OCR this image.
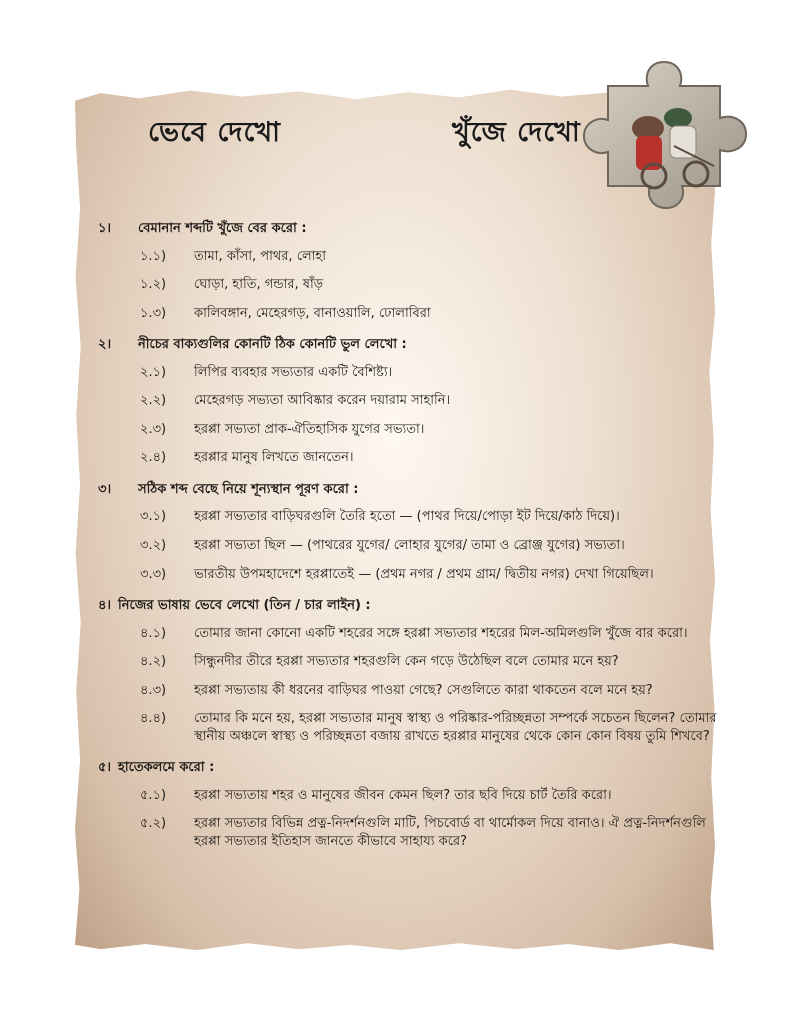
ভেবে দেখো	খুঁজে দেখো
১।	বেমানান শব্দটি খুঁজে বের করো :
১.১)	তামা, কাঁসা, পাথর, লোহা
১.২)	ঘোড়া, হাতি, গন্ডার, ষাঁড়
১.৩)	কালিবঙ্গান, মেহেরগড়, বানাওয়ালি, ঢোলাবিরা
২।	নীচের বাক্যগুলির কোনটি ঠিক কোনটি ভুল লেখো :
২.১)	লিপির ব্যবহার সভ্যতার একটি বৈশিষ্ট্য।
২.২)	মেহেরগড় সভ্যতা আবিষ্কার করেন দয়ারাম সাহানি।
২.৩)	হরপ্পা সভ্যতা প্রাক-ঐতিহাসিক যুগের সভ্যতা।
২.৪)	হরপ্পার মানুষ লিখতে জানতেন।
৩।	সঠিক শব্দ বেছে নিয়ে শূন্যস্থান পূরণ করো :
৩.১)	হরপ্পা সভ্যতার বাড়িঘরগুলি তৈরি হতো — (পাথর দিয়ে/পোড়া ইট দিয়ে/কাঠ দিয়ে)।
৩.২)	হরপ্পা সভ্যতা ছিল — (পাথরের যুগের/ লোহার যুগের/ তামা ও ব্রোঞ্জ যুগের) সভ্যতা।
৩.৩)	ভারতীয় উপমহাদেশে হরপ্পাতেই — (প্রথম নগর / প্রথম গ্রাম/ দ্বিতীয় নগর) দেখা গিয়েছিল।
৪। নিজের ভাষায় ভেবে লেখো (তিন / চার লাইন) :
৪.১)	তোমার জানা কোনো একটি শহরের সঙ্গে হরপ্পা সভ্যতার শহরের মিল-অমিলগুলি খুঁজে বার করো।
৪.২)	সিন্ধুনদীর তীরে হরপ্পা সভ্যতার শহরগুলি কেন গড়ে উঠেছিল বলে তোমার মনে হয়?
৪.৩)	হরপ্পা সভ্যতায় কী ধরনের বাড়িঘর পাওয়া গেছে? সেগুলিতে কারা থাকতেন বলে মনে হয়?
৪.৪)	তোমার কি মনে হয়, হরপ্পা সভ্যতার মানুষ স্বাস্থ্য ও পরিষ্কার-পরিচ্ছন্নতা সম্পর্কে সচেতন ছিলেন? তোমার স্থানীয় অঞ্চলে স্বাস্থ্য ও পরিচ্ছন্নতা বজায় রাখতে হরপ্পার মানুষের থেকে কোন কোন বিষয় তুমি শিখবে?
৫। হাতেকলমে করো :
৫.১)	হরপ্পা সভ্যতায় শহর ও মানুষের জীবন কেমন ছিল? তার ছবি দিয়ে চার্ট তৈরি করো।
৫.২)	হরপ্পা সভ্যতার বিভিন্ন প্রত্ন-নিদর্শনগুলি মাটি, পিচবোর্ড বা থার্মোকল দিয়ে বানাও। ঐ প্রত্ন-নিদর্শনগুলি হরপ্পা সভ্যতার ইতিহাস জানতে কীভাবে সাহায্য করে?
